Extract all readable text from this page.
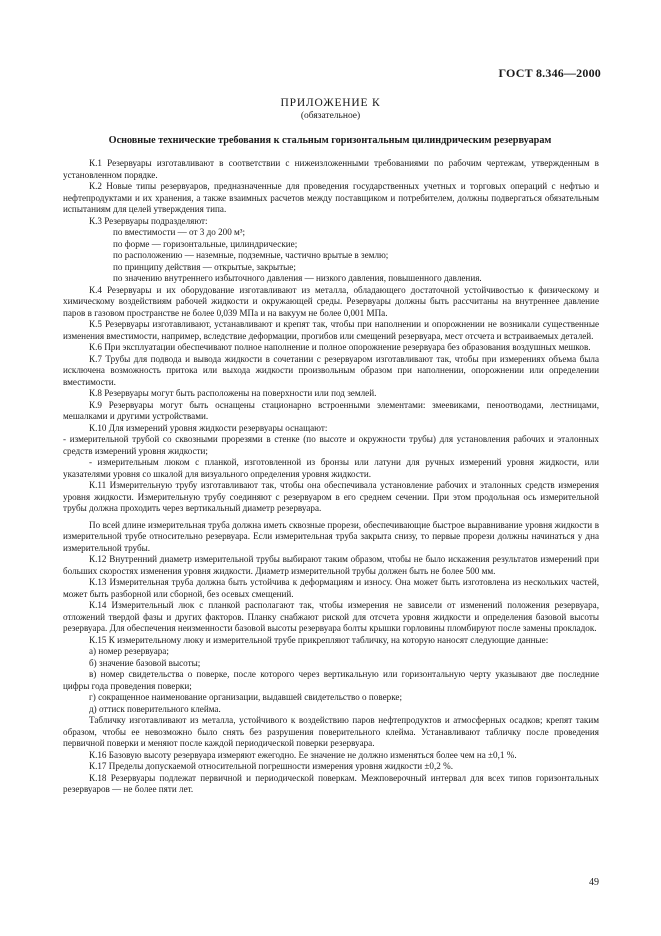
ГОСТ 8.346—2000
ПРИЛОЖЕНИЕ К
(обязательное)
Основные технические требования к стальным горизонтальным цилиндрическим резервуарам

К.1 Резервуары изготавливают в соответствии с нижеизложенными требованиями по рабочим чертежам, утвержденным в установленном порядке.

К.2 Новые типы резервуаров, предназначенные для проведения государственных учетных и торговых операций с нефтью и нефтепродуктами и их хранения, а также взаимных расчетов между поставщиком и потребителем, должны подвергаться обязательным испытаниям для целей утверждения типа.

К.3 Резервуары подразделяют:

по вместимости — от 3 до 200 м³;

по форме — горизонтальные, цилиндрические;

по расположению — наземные, подземные, частично врытые в землю;

по принципу действия — открытые, закрытые;

по значению внутреннего избыточного давления — низкого давления, повышенного давления.

К.4 Резервуары и их оборудование изготавливают из металла, обладающего достаточной устойчивостью к физическому и химическому воздействиям рабочей жидкости и окружающей среды. Резервуары должны быть рассчитаны на внутреннее давление паров в газовом пространстве не более 0,039 МПа и на вакуум не более 0,001 МПа.

К.5 Резервуары изготавливают, устанавливают и крепят так, чтобы при наполнении и опорожнении не возникали существенные изменения вместимости, например, вследствие деформации, прогибов или смещений резервуара, мест отсчета и встраиваемых деталей.

К.6 При эксплуатации обеспечивают полное наполнение и полное опорожнение резервуара без образования воздушных мешков.

К.7 Трубы для подвода и вывода жидкости в сочетании с резервуаром изготавливают так, чтобы при измерениях объема была исключена возможность притока или выхода жидкости произвольным образом при наполнении, опорожнении или определении вместимости.

К.8 Резервуары могут быть расположены на поверхности или под землей.

К.9 Резервуары могут быть оснащены стационарно встроенными элементами: змеевиками, пеноотводами, лестницами, мешалками и другими устройствами.

К.10 Для измерений уровня жидкости резервуары оснащают:

- измерительной трубой со сквозными прорезями в стенке (по высоте и окружности трубы) для установления рабочих и эталонных средств измерений уровня жидкости;

- измерительным люком с планкой, изготовленной из бронзы или латуни для ручных измерений уровня жидкости, или указателями уровня со шкалой для визуального определения уровня жидкости.

К.11 Измерительную трубу изготавливают так, чтобы она обеспечивала установление рабочих и эталонных средств измерения уровня жидкости. Измерительную трубу соединяют с резервуаром в его среднем сечении. При этом продольная ось измерительной трубы должна проходить через вертикальный диаметр резервуара.

По всей длине измерительная труба должна иметь сквозные прорези, обеспечивающие быстрое выравнивание уровня жидкости в измерительной трубе относительно резервуара. Если измерительная труба закрыта снизу, то первые прорези должны начинаться у дна измерительной трубы.

К.12 Внутренний диаметр измерительной трубы выбирают таким образом, чтобы не было искажения результатов измерений при больших скоростях изменения уровня жидкости. Диаметр измерительной трубы должен быть не более 500 мм.

К.13 Измерительная труба должна быть устойчива к деформациям и износу. Она может быть изготовлена из нескольких частей, может быть разборной или сборной, без осевых смещений.

К.14 Измерительный люк с планкой располагают так, чтобы измерения не зависели от изменений положения резервуара, отложений твердой фазы и других факторов. Планку снабжают риской для отсчета уровня жидкости и определения базовой высоты резервуара. Для обеспечения неизменности базовой высоты резервуара болты крышки горловины пломбируют после замены прокладок.

К.15 К измерительному люку и измерительной трубе прикрепляют табличку, на которую наносят следующие данные:

а) номер резервуара;

б) значение базовой высоты;

в) номер свидетельства о поверке, после которого через вертикальную или горизонтальную черту указывают две последние цифры года проведения поверки;

г) сокращенное наименование организации, выдавшей свидетельство о поверке;

д) оттиск поверительного клейма.

Табличку изготавливают из металла, устойчивого к воздействию паров нефтепродуктов и атмосферных осадков; крепят таким образом, чтобы ее невозможно было снять без разрушения поверительного клейма. Устанавливают табличку после проведения первичной поверки и меняют после каждой периодической поверки резервуара.

К.16 Базовую высоту резервуара измеряют ежегодно. Ее значение не должно изменяться более чем на ±0,1 %.

К.17 Пределы допускаемой относительной погрешности измерения уровня жидкости ±0,2 %.

К.18 Резервуары подлежат первичной и периодической поверкам. Межповерочный интервал для всех типов горизонтальных резервуаров — не более пяти лет.

49
